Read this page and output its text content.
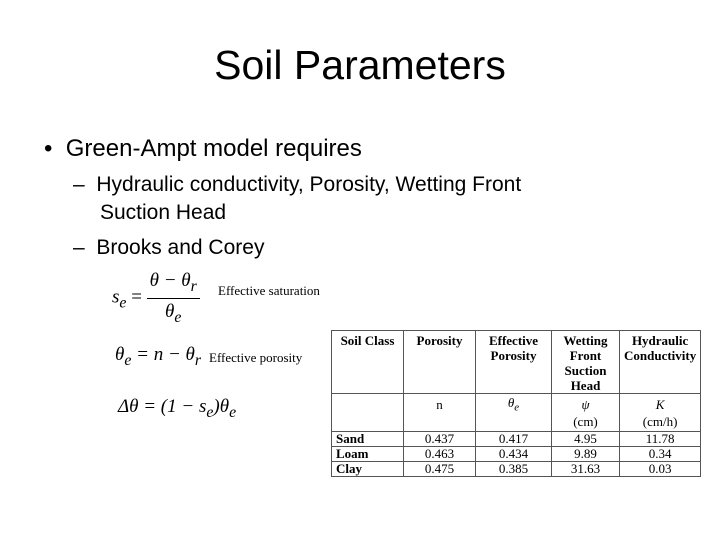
Soil Parameters
• Green-Ampt model requires
– Hydraulic conductivity, Porosity, Wetting Front
Suction Head
– Brooks and Corey
$s_e = \frac{\theta - \theta_r}{\theta_e}$ Effective saturation
$\theta_e = n - \theta_r$ Effective porosity
$\Delta\theta = (1 - s_e)\theta_e$
Soil Class	Porosity	Effective Porosity	Wetting Front Suction Head	Hydraulic Conductivity
	n	$\theta_e$	ψ	K
			(cm)	(cm/h)
Sand	0.437	0.417	4.95	11.78
Loam	0.463	0.434	9.89	0.34
Clay	0.475	0.385	31.63	0.03
